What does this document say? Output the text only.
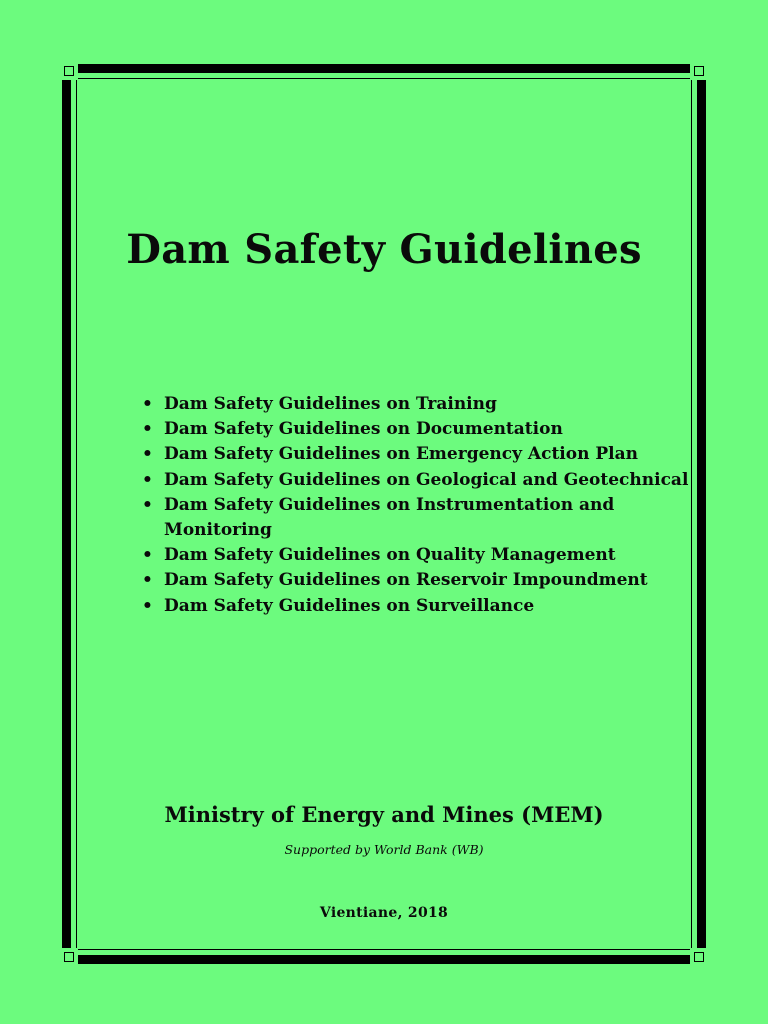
Dam Safety Guidelines
• Dam Safety Guidelines on Training
• Dam Safety Guidelines on Documentation
• Dam Safety Guidelines on Emergency Action Plan
• Dam Safety Guidelines on Geological and Geotechnical
• Dam Safety Guidelines on Instrumentation and
Monitoring
• Dam Safety Guidelines on Quality Management
• Dam Safety Guidelines on Reservoir Impoundment
• Dam Safety Guidelines on Surveillance
Ministry of Energy and Mines (MEM)
Supported by World Bank (WB)
Vientiane, 2018
